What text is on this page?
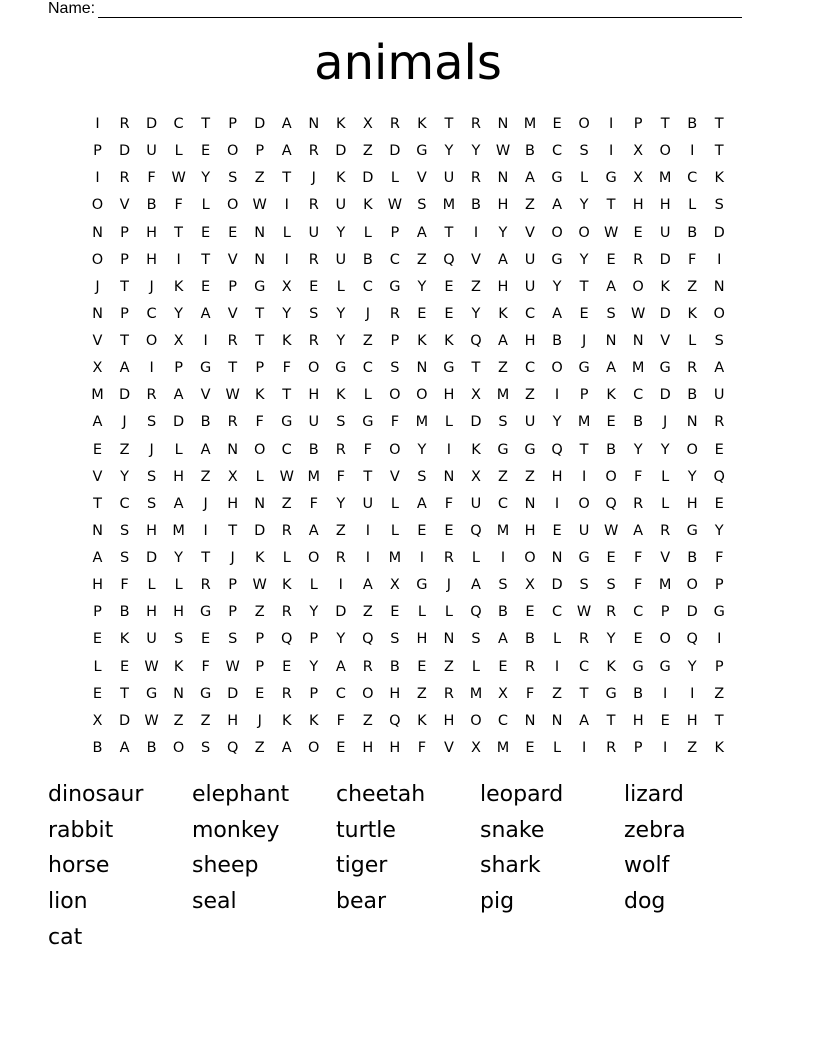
Name:
animals
I	R	D	C	T	P	D	A	N	K	X	R	K	T	R	N	M	E	O	I	P	T	B	T
P	D	U	L	E	O	P	A	R	D	Z	D	G	Y	Y	W	B	C	S	I	X	O	I	T
I	R	F	W	Y	S	Z	T	J	K	D	L	V	U	R	N	A	G	L	G	X	M	C	K
O	V	B	F	L	O W	I	R	U	K	W	S	M	B	H	Z	A	Y	T	H	H	L	S
N	P	H	T	E	E	N	L	U	Y	L	P	A	T	I	Y	V	O	O W	E	U	B	D
O	P	H	I	T	V	N	I	R	U	B	C	Z	Q	V	A	U	G	Y	E	R	D	F	I
J	T	J	K	E	P	G	X	E	L	C	G	Y	E	Z	H	U	Y	T	A	O	K	Z	N
N	P	C	Y	A	V	T	Y	S	Y	J	R	E	E	Y	K	C	A	E	S	W D	K	O
V	T	O	X	I	R	T	K	R	Y	Z	P	K	K	Q	A	H	B	J	N	N	V	L	S
X	A	I	P	G	T	P	F	O	G	C	S	N	G	T	Z	C	O	G	A	M	G	R	A
M	D	R	A	V	W	K	T	H	K	L	O	O	H	X	M	Z	I	P	K	C	D	B	U
A	J	S	D	B	R	F	G	U	S	G	F	M	L	D	S	U	Y	M	E	B	J	N	R
E	Z	J	L	A	N	O	C	B	R	F	O	Y	I	K	G	G	Q	T	B	Y	Y	O	E
V	Y	S	H	Z	X	L	W M	F	T	V	S	N	X	Z	Z	H	I	O	F	L	Y	Q
T	C	S	A	J	H	N	Z	F	Y	U	L	A	F	U	C	N	I	O	Q	R	L	H	E
N	S	H	M	I	T	D	R	A	Z	I	L	E	E	Q	M	H	E	U	W	A	R	G	Y
A	S	D	Y	T	J	K	L	O	R	I	M	I	R	L	I	O	N	G	E	F	V	B	F
H	F	L	L	R	P	W	K	L	I	A	X	G	J	A	S	X	D	S	S	F	M	O	P
P	B	H	H	G	P	Z	R	Y	D	Z	E	L	L	Q	B	E	C	W	R	C	P	D	G
E	K	U	S	E	S	P	Q	P	Y	Q	S	H	N	S	A	B	L	R	Y	E	O	Q	I
L	E	W	K	F	W	P	E	Y	A	R	B	E	Z	L	E	R	I	C	K	G	G	Y	P
E	T	G	N	G	D	E	R	P	C	O	H	Z	R	M	X	F	Z	T	G	B	I	I	Z
X	D W	Z	Z	H	J	K	K	F	Z	Q	K	H	O	C	N	N	A	T	H	E	H	T
B	A	B	O	S	Q	Z	A	O	E	H	H	F	V	X	M	E	L	I	R	P	I	Z	K
dinosaur	elephant	cheetah	leopard	lizard
rabbit	monkey	turtle	snake	zebra
horse	sheep	tiger	shark	wolf
lion	seal	bear	pig	dog
cat
